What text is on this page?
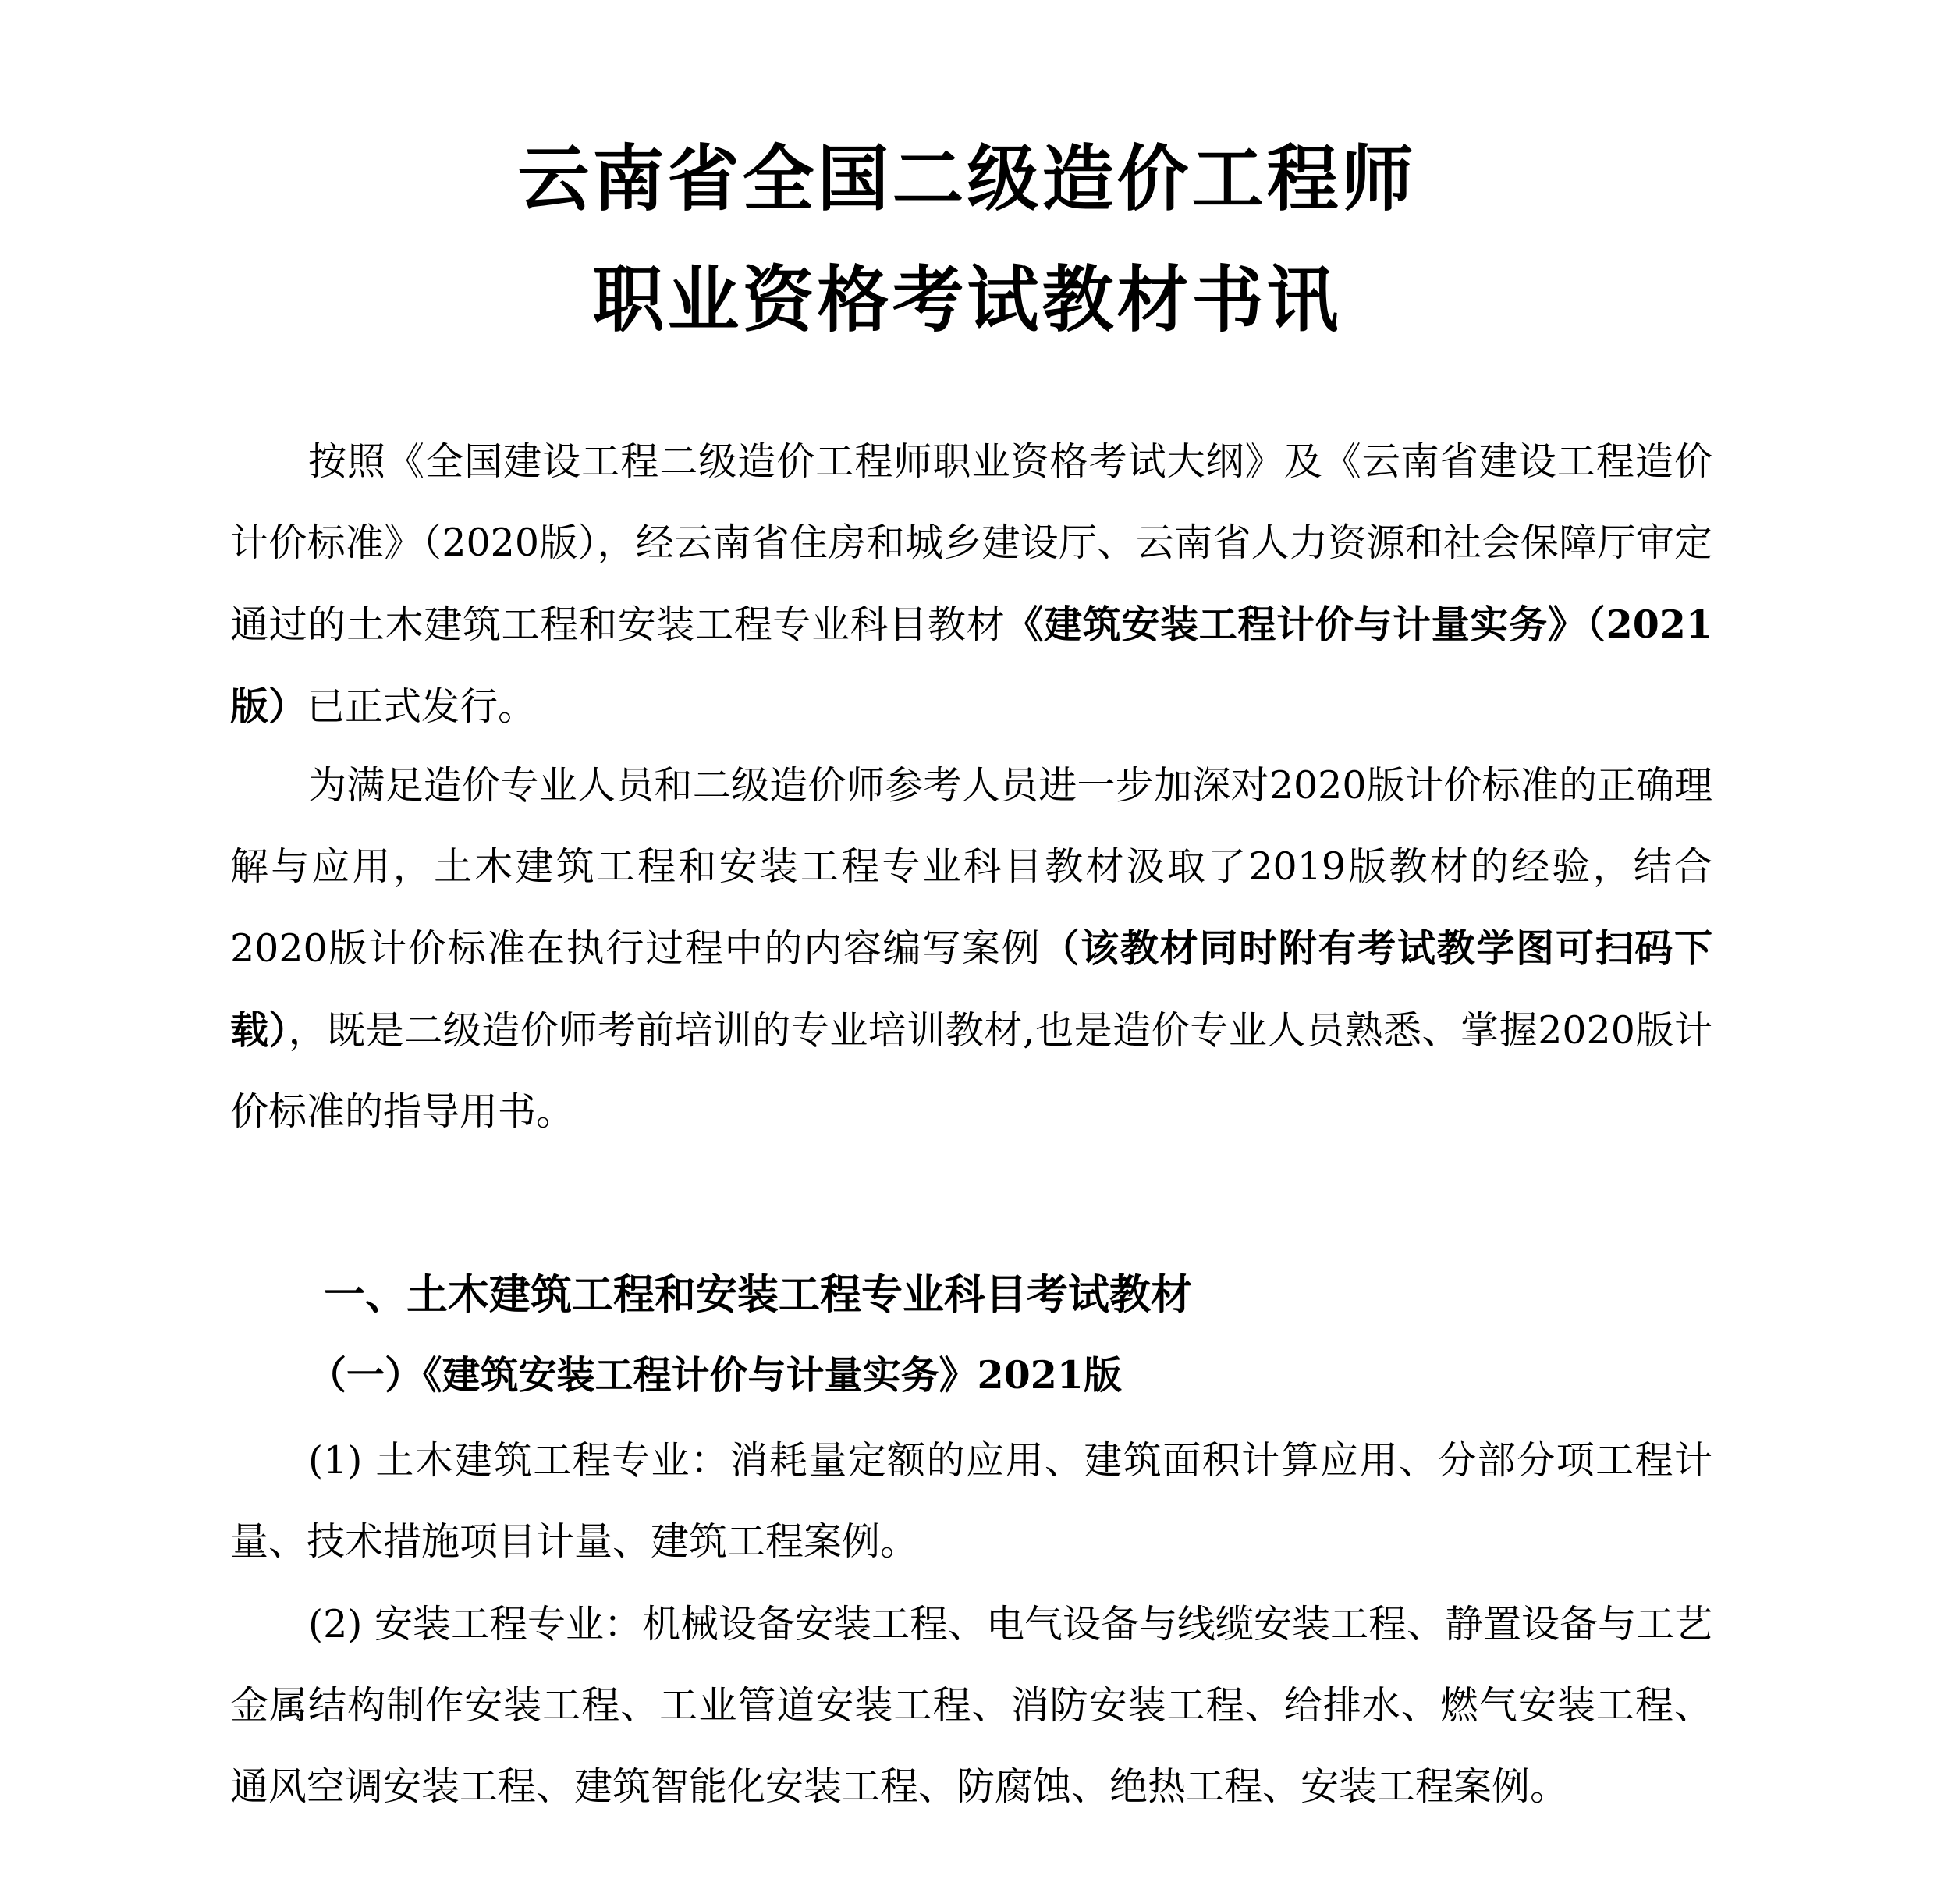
云南省全国二级造价工程师
职业资格考试教材书讯

按照《全国建设工程二级造价工程师职业资格考试大纲》及《云南省建设工程造价计价标准》（2020版），经云南省住房和城乡建设厅、云南省人力资源和社会保障厅审定通过的土木建筑工程和安装工程专业科目教材《建筑安装工程计价与计量实务》（2021版）已正式发行。

为满足造价专业人员和二级造价师参考人员进一步加深对2020版计价标准的正确理解与应用，土木建筑工程和安装工程专业科目教材汲取了2019版教材的经验，结合2020版计价标准在执行过程中的内容编写案例（该教材同时附有考试教学图可扫码下载），既是二级造价师考前培训的专业培训教材,也是造价专业人员熟悉、掌握2020版计价标准的指导用书。

一、土木建筑工程和安装工程专业科目考试教材
（一）《建筑安装工程计价与计量实务》2021版

(1) 土木建筑工程专业：消耗量定额的应用、建筑面积计算应用、分部分项工程计量、技术措施项目计量、建筑工程案例。

(2) 安装工程专业：机械设备安装工程、电气设备与线缆安装工程、静置设备与工艺金属结构制作安装工程、工业管道安装工程、消防安装工程、给排水、燃气安装工程、通风空调安装工程、建筑智能化安装工程、防腐蚀、绝热工程、安装工程案例。
